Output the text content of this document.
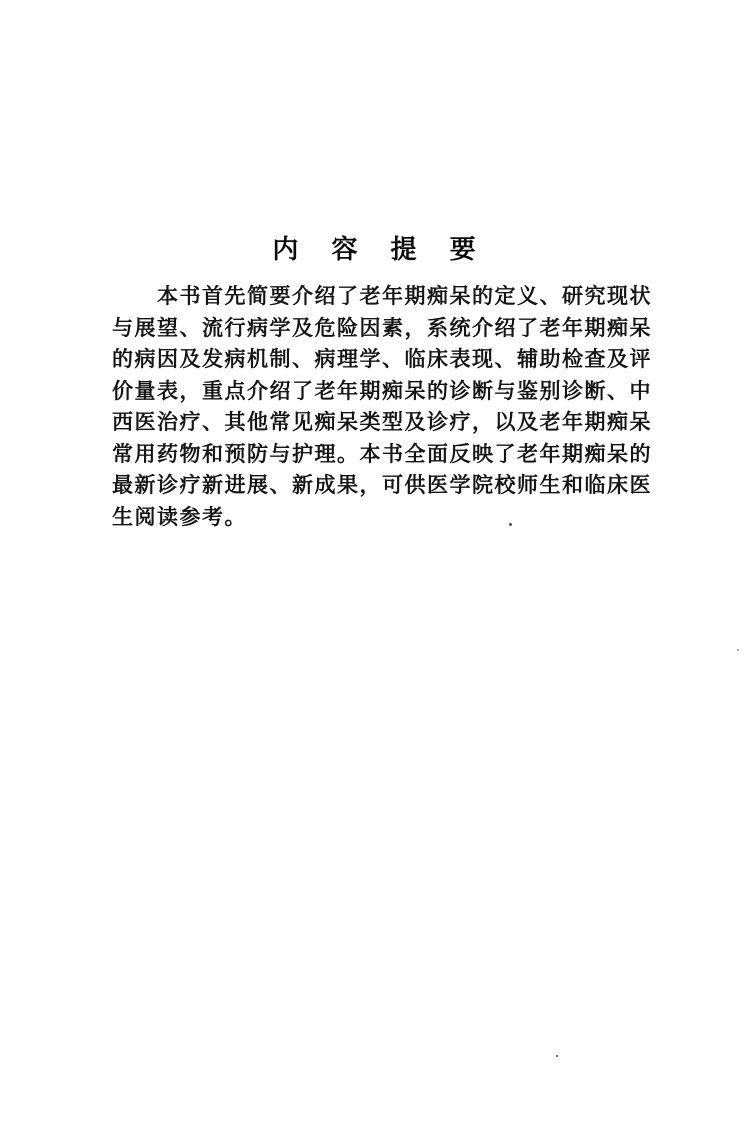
内 容 提 要

本书首先简要介绍了老年期痴呆的定义、研究现状与展望、流行病学及危险因素，系统介绍了老年期痴呆的病因及发病机制、病理学、临床表现、辅助检查及评价量表，重点介绍了老年期痴呆的诊断与鉴别诊断、中西医治疗、其他常见痴呆类型及诊疗，以及老年期痴呆常用药物和预防与护理。本书全面反映了老年期痴呆的最新诊疗新进展、新成果，可供医学院校师生和临床医生阅读参考。
